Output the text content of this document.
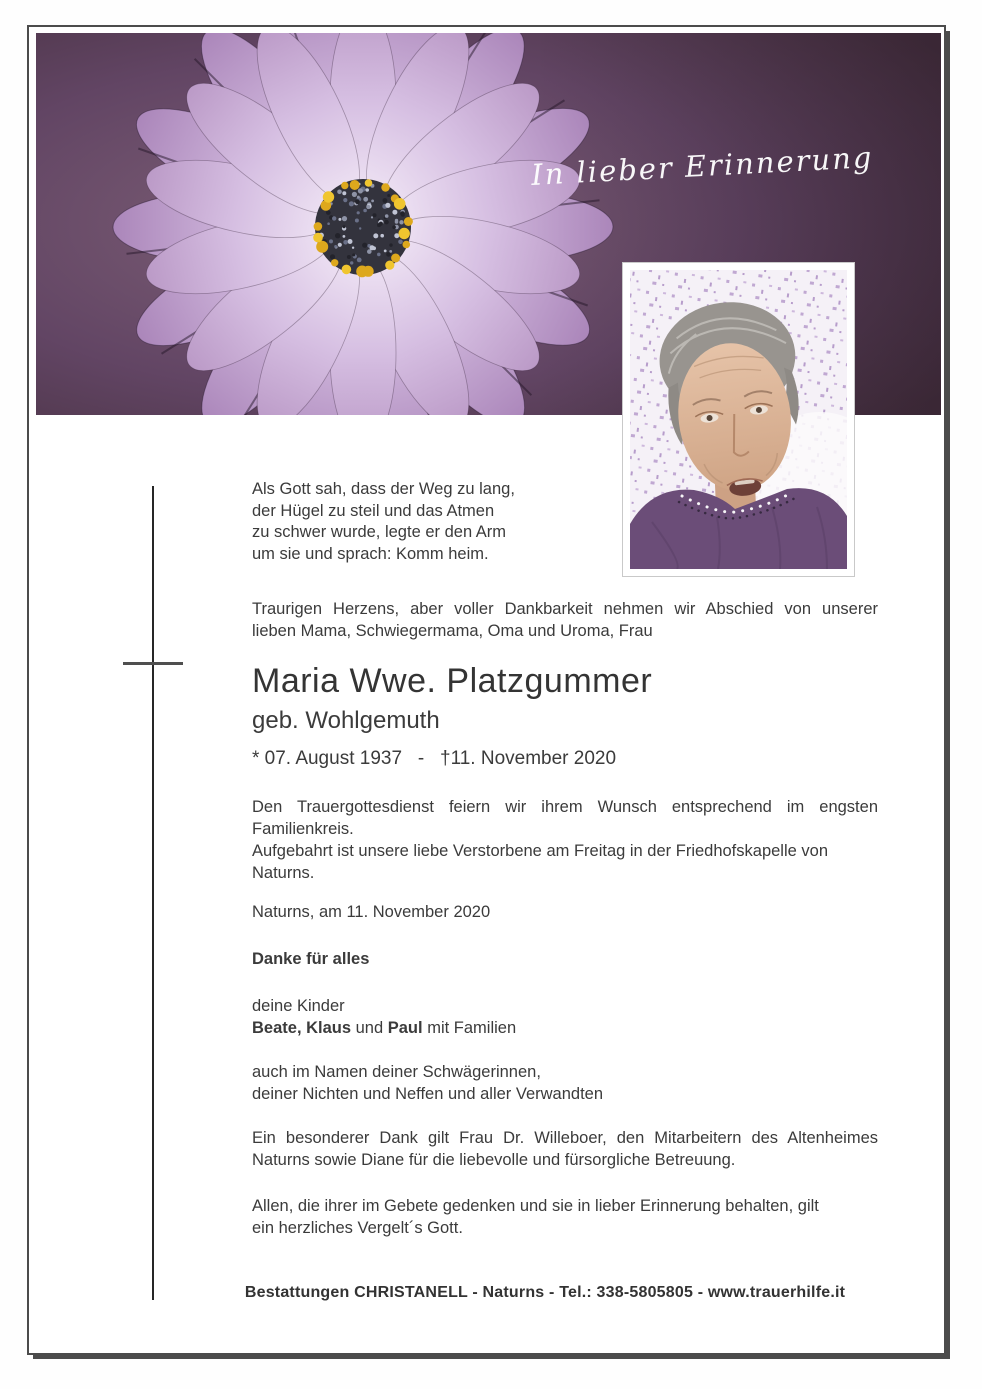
In lieber Erinnerung
Als Gott sah, dass der Weg zu lang,
der Hügel zu steil und das Atmen
zu schwer wurde, legte er den Arm
um sie und sprach: Komm heim.
Traurigen Herzens, aber voller Dankbarkeit nehmen wir Abschied von unserer
lieben Mama, Schwiegermama, Oma und Uroma, Frau
Maria Wwe. Platzgummer
geb. Wohlgemuth
* 07. August 1937   -   †11. November 2020
Den Trauergottesdienst feiern wir ihrem Wunsch entsprechend im engsten
Familienkreis.
Aufgebahrt ist unsere liebe Verstorbene am Freitag in der Friedhofskapelle von
Naturns.
Naturns, am 11. November 2020
Danke für alles
deine Kinder
Beate, Klaus und Paul mit Familien
auch im Namen deiner Schwägerinnen,
deiner Nichten und Neffen und aller Verwandten
Ein besonderer Dank gilt Frau Dr. Willeboer, den Mitarbeitern des Altenheimes
Naturns sowie Diane für die liebevolle und fürsorgliche Betreuung.
Allen, die ihrer im Gebete gedenken und sie in lieber Erinnerung behalten, gilt
ein herzliches Vergelt´s Gott.
Bestattungen CHRISTANELL - Naturns - Tel.: 338-5805805 - www.trauerhilfe.it
